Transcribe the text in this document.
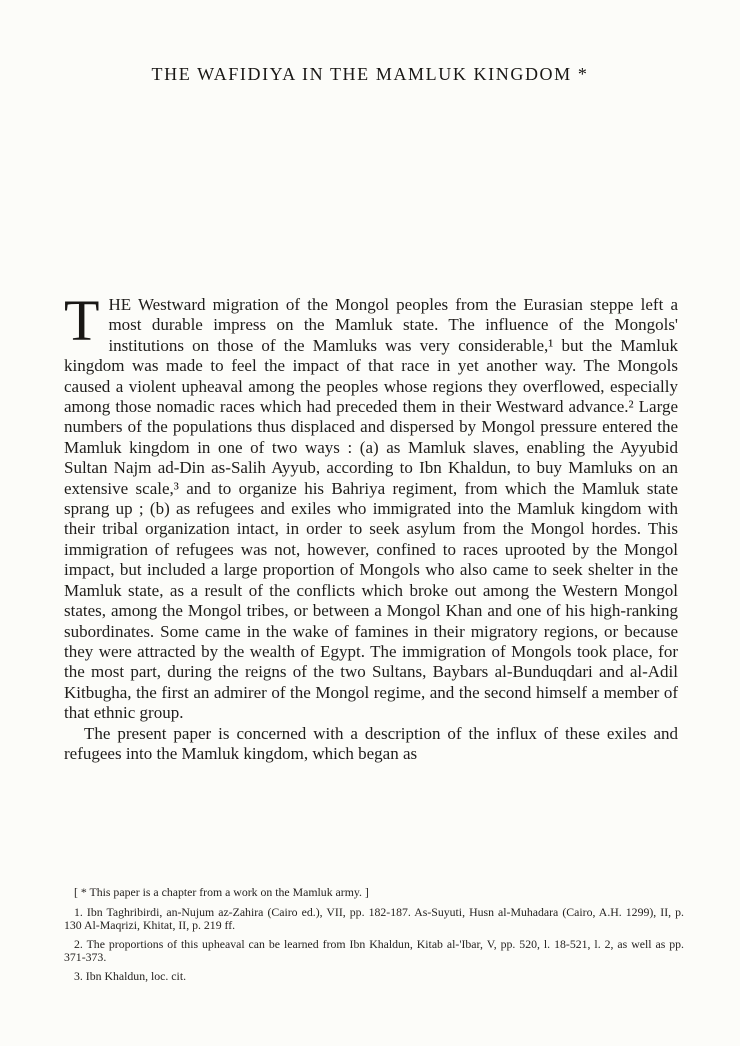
THE WAFIDIYA IN THE MAMLUK KINGDOM *

THE Westward migration of the Mongol peoples from the Eurasian steppe left a most durable impress on the Mamluk state. The influence of the Mongols' institutions on those of the Mamluks was very considerable,¹ but the Mamluk kingdom was made to feel the impact of that race in yet another way. The Mongols caused a violent upheaval among the peoples whose regions they overflowed, especially among those nomadic races which had preceded them in their Westward advance.² Large numbers of the populations thus displaced and dispersed by Mongol pressure entered the Mamluk kingdom in one of two ways : (a) as Mamluk slaves, enabling the Ayyubid Sultan Najm ad-Din as-Salih Ayyub, according to Ibn Khaldun, to buy Mamluks on an extensive scale,³ and to organize his Bahriya regiment, from which the Mamluk state sprang up ; (b) as refugees and exiles who immigrated into the Mamluk kingdom with their tribal organization intact, in order to seek asylum from the Mongol hordes. This immigration of refugees was not, however, confined to races uprooted by the Mongol impact, but included a large proportion of Mongols who also came to seek shelter in the Mamluk state, as a result of the conflicts which broke out among the Western Mongol states, among the Mongol tribes, or between a Mongol Khan and one of his high-ranking subordinates. Some came in the wake of famines in their migratory regions, or because they were attracted by the wealth of Egypt. The immigration of Mongols took place, for the most part, during the reigns of the two Sultans, Baybars al-Bunduqdari and al-Adil Kitbugha, the first an admirer of the Mongol regime, and the second himself a member of that ethnic group.

The present paper is concerned with a description of the influx of these exiles and refugees into the Mamluk kingdom, which began as

[ * This paper is a chapter from a work on the Mamluk army. ]

1. Ibn Taghribirdi, an-Nujum az-Zahira (Cairo ed.), VII, pp. 182-187. As-Suyuti, Husn al-Muhadara (Cairo, A.H. 1299), II, p. 130 Al-Maqrizi, Khitat, II, p. 219 ff.

2. The proportions of this upheaval can be learned from Ibn Khaldun, Kitab al-'Ibar, V, pp. 520, l. 18-521, l. 2, as well as pp. 371-373.

3. Ibn Khaldun, loc. cit.
